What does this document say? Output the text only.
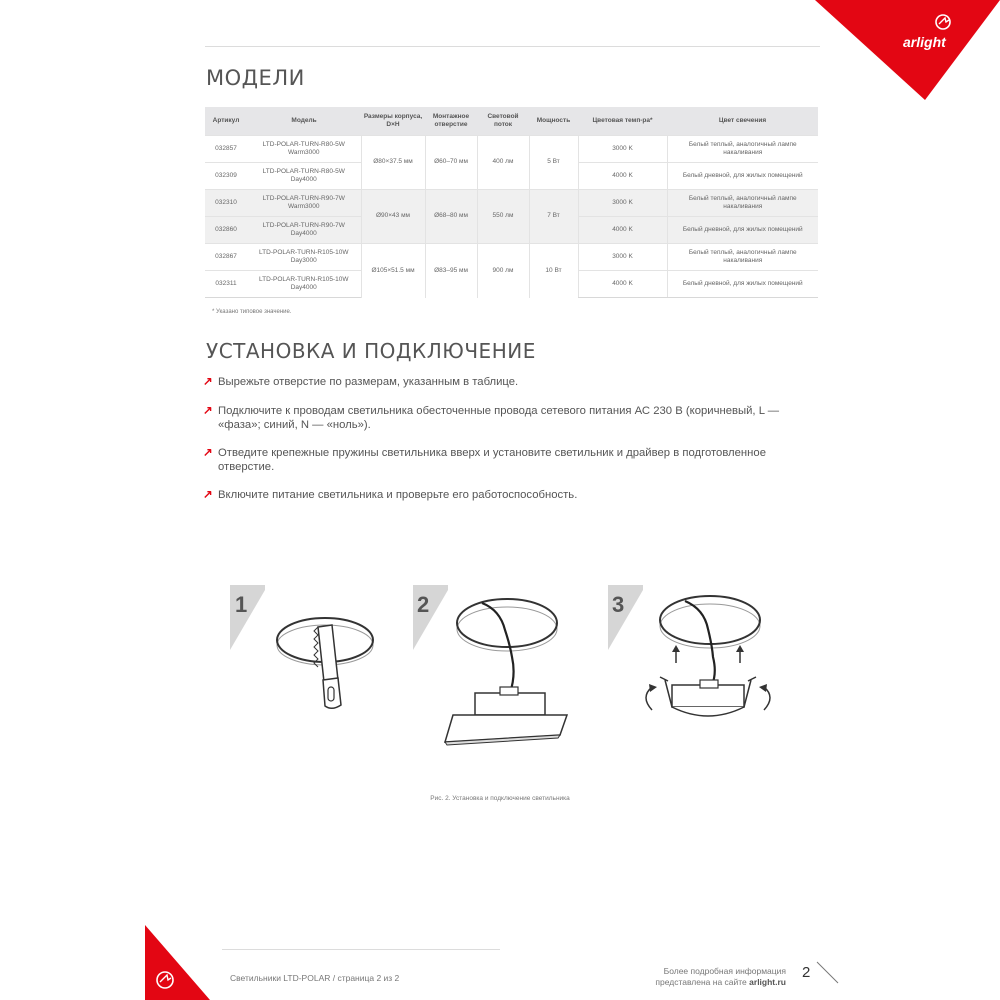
arlight
МОДЕЛИ
Артикул	Модель	Размеры корпуса, D×H	Монтажное отверстие	Световой поток	Мощность	Цветовая темп-ра*	Цвет свечения
032857	LTD-POLAR-TURN-R80-5W Warm3000	Ø80×37.5 мм	Ø60–70 мм	400 лм	5 Вт	3000 K	Белый теплый, аналогичный лампе накаливания
032309	LTD-POLAR-TURN-R80-5W Day4000					4000 K	Белый дневной, для жилых помещений
032310	LTD-POLAR-TURN-R90-7W Warm3000	Ø90×43 мм	Ø68–80 мм	550 лм	7 Вт	3000 K	Белый теплый, аналогичный лампе накаливания
032860	LTD-POLAR-TURN-R90-7W Day4000					4000 K	Белый дневной, для жилых помещений
032867	LTD-POLAR-TURN-R105-10W Day3000	Ø105×51.5 мм	Ø83–95 мм	900 лм	10 Вт	3000 K	Белый теплый, аналогичный лампе накаливания
032311	LTD-POLAR-TURN-R105-10W Day4000					4000 K	Белый дневной, для жилых помещений
* Указано типовое значение.
УСТАНОВКА И ПОДКЛЮЧЕНИЕ
↗ Вырежьте отверстие по размерам, указанным в таблице.
↗ Подключите к проводам светильника обесточенные провода сетевого питания АС 230 В (коричневый, L — «фаза»; синий, N — «ноль»).
↗ Отведите крепежные пружины светильника вверх и установите светильник и драйвер в подготовленное отверстие.
↗ Включите питание светильника и проверьте его работоспособность.
1	2	3
Рис. 2. Установка и подключение светильника
Светильники LTD-POLAR / страница 2 из 2
Более подробная информация
представлена на сайте arlight.ru
2
